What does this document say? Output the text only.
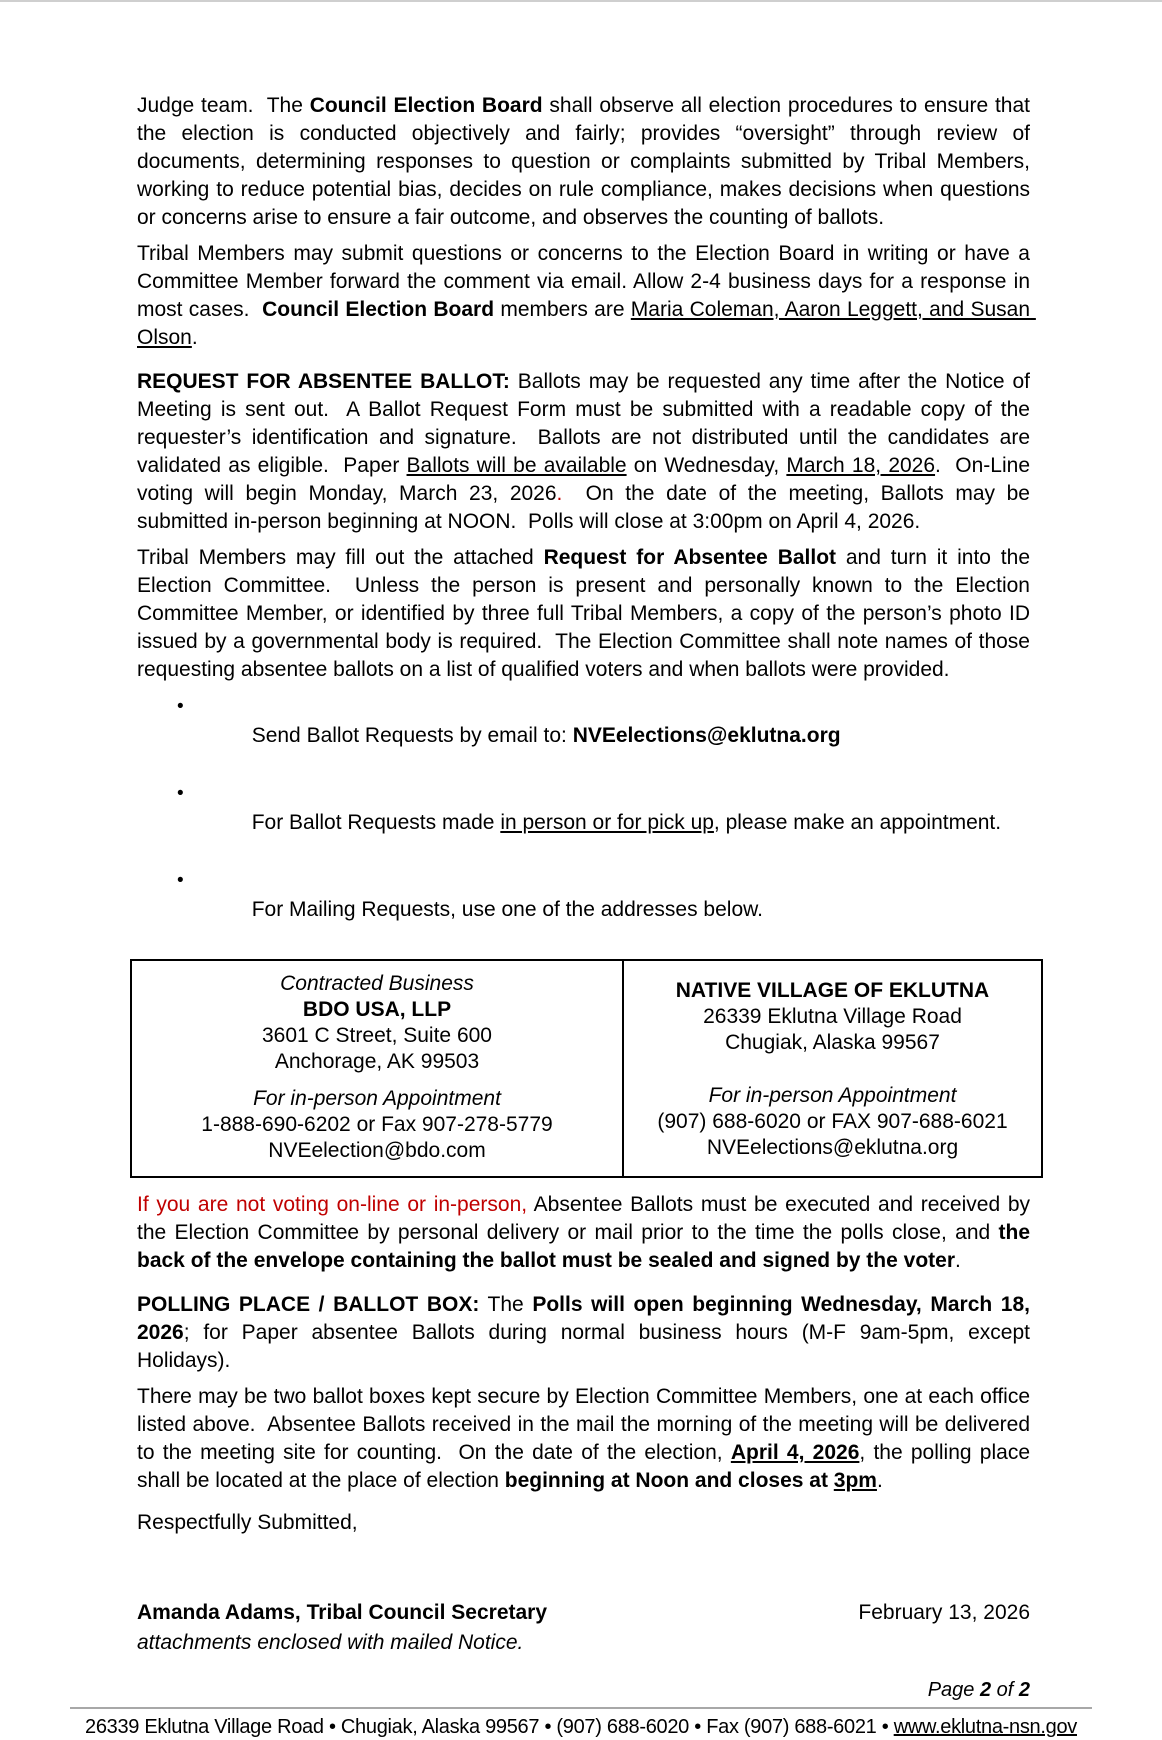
Judge team.  The Council Election Board shall observe all election procedures to ensure that the election is conducted objectively and fairly; provides “oversight” through review of documents, determining responses to question or complaints submitted by Tribal Members, working to reduce potential bias, decides on rule compliance, makes decisions when questions or concerns arise to ensure a fair outcome, and observes the counting of ballots.

Tribal Members may submit questions or concerns to the Election Board in writing or have a Committee Member forward the comment via email. Allow 2-4 business days for a response in most cases.  Council Election Board members are Maria Coleman, Aaron Leggett, and Susan Olson.

REQUEST FOR ABSENTEE BALLOT: Ballots may be requested any time after the Notice of Meeting is sent out.  A Ballot Request Form must be submitted with a readable copy of the requester’s identification and signature.  Ballots are not distributed until the candidates are validated as eligible.  Paper Ballots will be available on Wednesday, March 18, 2026.  On-Line voting will begin Monday, March 23, 2026.  On the date of the meeting, Ballots may be submitted in-person beginning at NOON.  Polls will close at 3:00pm on April 4, 2026.

Tribal Members may fill out the attached Request for Absentee Ballot and turn it into the Election Committee.  Unless the person is present and personally known to the Election Committee Member, or identified by three full Tribal Members, a copy of the person’s photo ID issued by a governmental body is required.  The Election Committee shall note names of those requesting absentee ballots on a list of qualified voters and when ballots were provided.

•
Send Ballot Requests by email to: NVEelections@eklutna.org

•
For Ballot Requests made in person or for pick up, please make an appointment.

•
For Mailing Requests, use one of the addresses below.

Contracted Business
BDO USA, LLP
3601 C Street, Suite 600
Anchorage, AK 99503
For in-person Appointment
1-888-690-6202 or Fax 907-278-5779
NVEelection@bdo.com

NATIVE VILLAGE OF EKLUTNA
26339 Eklutna Village Road
Chugiak, Alaska 99567
For in-person Appointment
(907) 688-6020 or FAX 907-688-6021
NVEelections@eklutna.org

If you are not voting on-line or in-person, Absentee Ballots must be executed and received by the Election Committee by personal delivery or mail prior to the time the polls close, and the back of the envelope containing the ballot must be sealed and signed by the voter.

POLLING PLACE / BALLOT BOX: The Polls will open beginning Wednesday, March 18, 2026; for Paper absentee Ballots during normal business hours (M-F 9am-5pm, except Holidays).

There may be two ballot boxes kept secure by Election Committee Members, one at each office listed above.  Absentee Ballots received in the mail the morning of the meeting will be delivered to the meeting site for counting.  On the date of the election, April 4, 2026, the polling place shall be located at the place of election beginning at Noon and closes at 3pm.

Respectfully Submitted,

Amanda Adams, Tribal Council Secretary	February 13, 2026
attachments enclosed with mailed Notice.
Page 2 of 2
26339 Eklutna Village Road • Chugiak, Alaska 99567 • (907) 688-6020 • Fax (907) 688-6021 • www.eklutna-nsn.gov
